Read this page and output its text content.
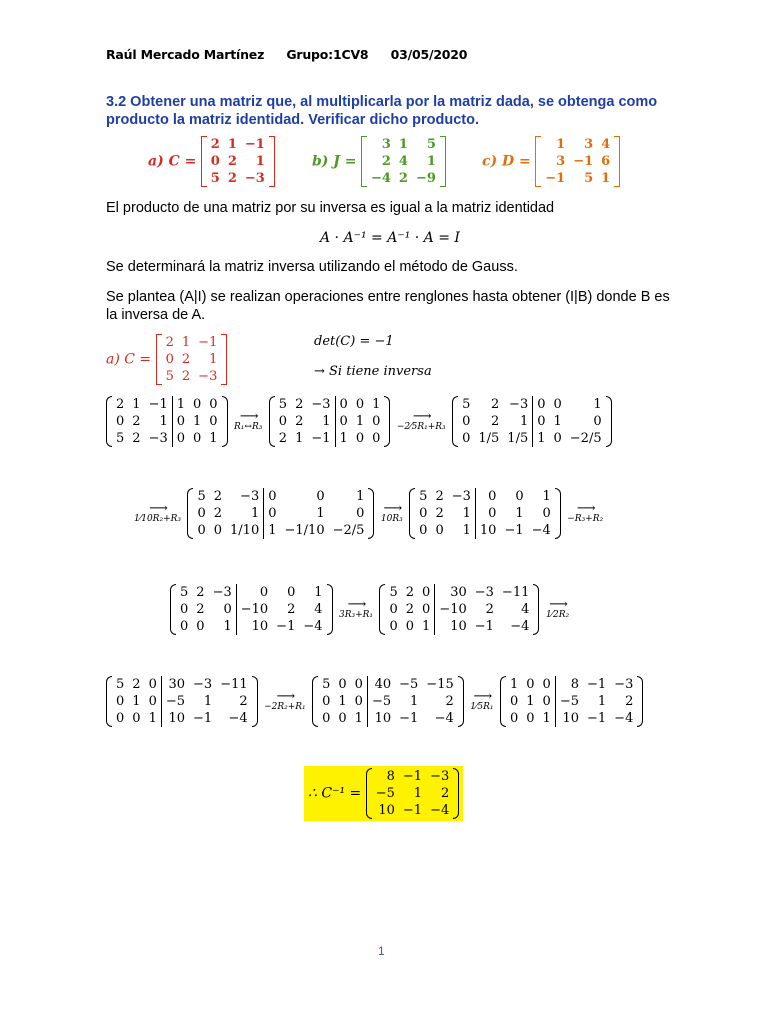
Raúl Mercado Martínez Grupo:1CV8 03/05/2020
3.2 Obtener una matriz que, al multiplicarla por la matriz dada, se obtenga como producto la matriz identidad. Verificar dicho producto.
a) C =
2	1	−1
0	2	1
5	2	−3
b) J =
3	1	5
2	4	1
−4	2	−9
c) D =
1	3	4
3	−1	6
−1	5	1
El producto de una matriz por su inversa es igual a la matriz identidad
A · A⁻¹ = A⁻¹ · A = I
Se determinará la matriz inversa utilizando el método de Gauss.
Se plantea (A|I) se realizan operaciones entre renglones hasta obtener (I|B) donde B es la inversa de A.
a) C =
2	1	−1
0	2	1
5	2	−3
det(C) = −1
→ Si tiene inversa
2	1	−1	1	0	0
0	2	1	0	1	0
5	2	−3	0	0	1

⟶
R₁↔R₃

5	2	−3	0	0	1
0	2	1	0	1	0
2	1	−1	1	0	0

⟶
−2⁄5R₁+R₃

5	2	−3	0	0	1
0	2	1	0	1	0
0	1/5	1/5	1	0	−2/5
⟶
1⁄10R₂+R₃

5	2	−3	0	0	1
0	2	1	0	1	0
0	0	1/10	1	−1/10	−2/5

⟶
10R₃

5	2	−3	0	0	1
0	2	1	0	1	0
0	0	1	10	−1	−4

⟶
−R₃+R₂
5	2	−3	0	0	1
0	2	0	−10	2	4
0	0	1	10	−1	−4

⟶
3R₃+R₁

5	2	0	30	−3	−11
0	2	0	−10	2	4
0	0	1	10	−1	−4

⟶
1⁄2R₂
5	2	0	30	−3	−11
0	1	0	−5	1	2
0	0	1	10	−1	−4

⟶
−2R₂+R₁

5	0	0	40	−5	−15
0	1	0	−5	1	2
0	0	1	10	−1	−4

⟶
1⁄5R₁

1	0	0	8	−1	−3
0	1	0	−5	1	2
0	0	1	10	−1	−4
∴ C⁻¹ =
8	−1	−3
−5	1	2
10	−1	−4
1
